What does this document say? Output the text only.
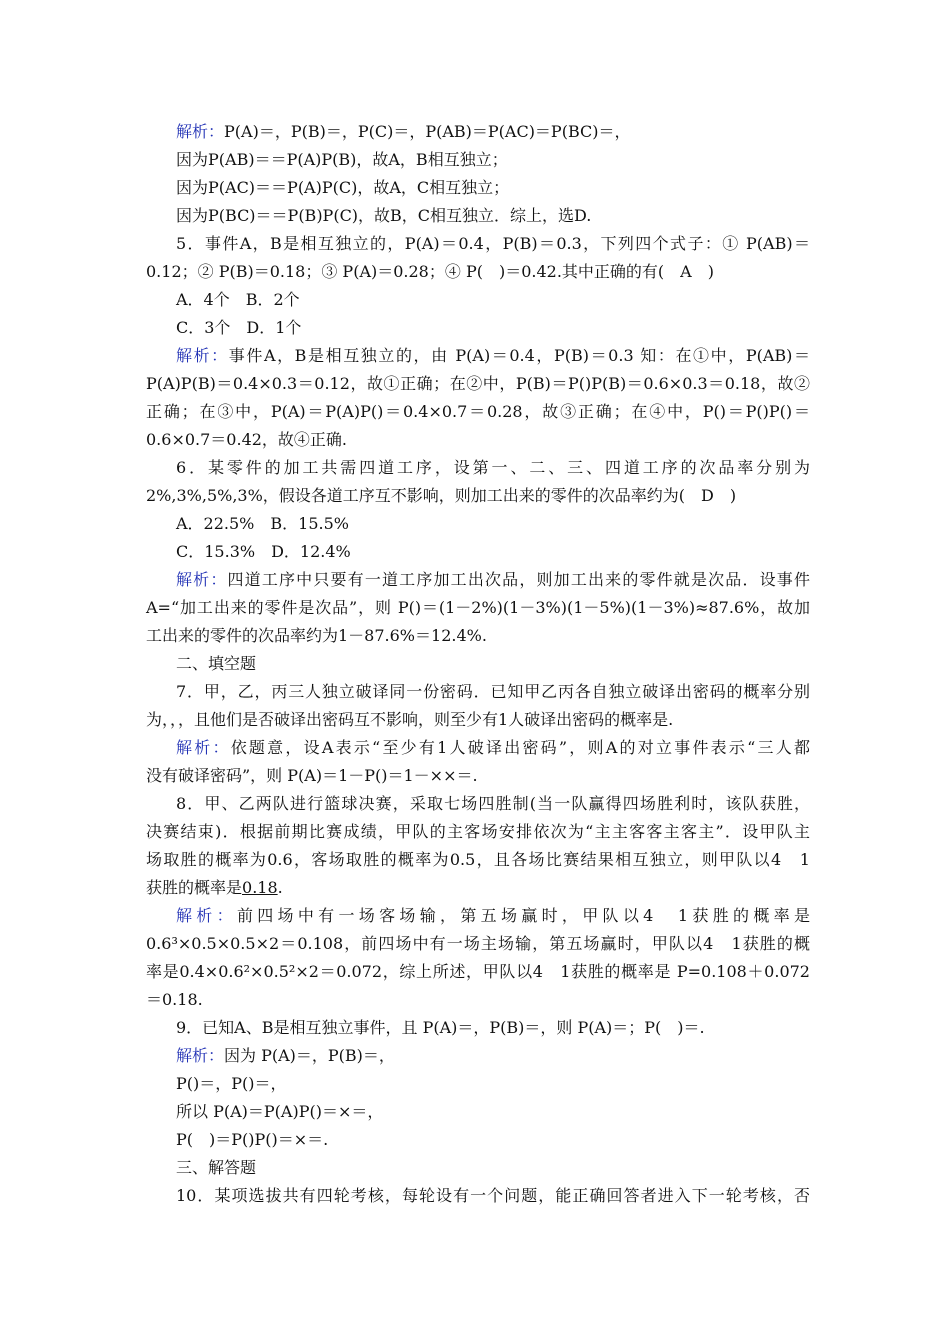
解析：P(A)＝，P(B)＝，P(C)＝，P(AB)＝P(AC)＝P(BC)＝，
因为P(AB)＝＝P(A)P(B)，故A，B相互独立；
因为P(AC)＝＝P(A)P(C)，故A，C相互独立；
因为P(BC)＝＝P(B)P(C)，故B，C相互独立．综上，选D.
5．事件A，B是相互独立的，P(A)＝0.4，P(B)＝0.3，下列四个式子：① P(AB)＝
0.12；② P(B)＝0.18；③ P(A)＝0.28；④ P(　)＝0.42.其中正确的有(　A　)
A．4个　B．2个
C．3个　D．1个
解析：事件A，B是相互独立的，由 P(A)＝0.4，P(B)＝0.3 知：在①中，P(AB)＝
P(A)P(B)＝0.4×0.3＝0.12，故①正确；在②中，P(B)＝P()P(B)＝0.6×0.3＝0.18，故②
正确；在③中，P(A)＝P(A)P()＝0.4×0.7＝0.28，故③正确；在④中，P()＝P()P()＝
0.6×0.7＝0.42，故④正确.
6．某零件的加工共需四道工序，设第一、二、三、四道工序的次品率分别为
2%,3%,5%,3%，假设各道工序互不影响，则加工出来的零件的次品率约为(　D　)
A．22.5%　B．15.5%
C．15.3%　D．12.4%
解析：四道工序中只要有一道工序加工出次品，则加工出来的零件就是次品．设事件
A=“加工出来的零件是次品”，则 P()＝(1－2%)(1－3%)(1－5%)(1－3%)≈87.6%，故加
工出来的零件的次品率约为1－87.6%＝12.4%.
二、填空题
7．甲，乙，丙三人独立破译同一份密码．已知甲乙丙各自独立破译出密码的概率分别
为，，，且他们是否破译出密码互不影响，则至少有1人破译出密码的概率是.
解析：依题意，设A表示“至少有1人破译出密码”，则A的对立事件表示“三人都
没有破译密码”，则 P(A)＝1－P()＝1－××＝.
8．甲、乙两队进行篮球决赛，采取七场四胜制(当一队赢得四场胜利时，该队获胜，
决赛结束)．根据前期比赛成绩，甲队的主客场安排依次为“主主客客主客主”．设甲队主
场取胜的概率为0.6，客场取胜的概率为0.5，且各场比赛结果相互独立，则甲队以4　1
获胜的概率是0.18.
解析：前四场中有一场客场输，第五场赢时，甲队以4　1获胜的概率是
0.6³×0.5×0.5×2＝0.108，前四场中有一场主场输，第五场赢时，甲队以4　1获胜的概
率是0.4×0.6²×0.5²×2＝0.072，综上所述，甲队以4　1获胜的概率是 P=0.108＋0.072
＝0.18.
9．已知A、B是相互独立事件，且 P(A)＝，P(B)＝，则 P(A)＝；P(　)＝.
解析：因为 P(A)＝，P(B)＝，
P()＝，P()＝，
所以 P(A)＝P(A)P()＝×＝，
P(　)＝P()P()＝×＝.
三、解答题
10．某项选拔共有四轮考核，每轮设有一个问题，能正确回答者进入下一轮考核，否
